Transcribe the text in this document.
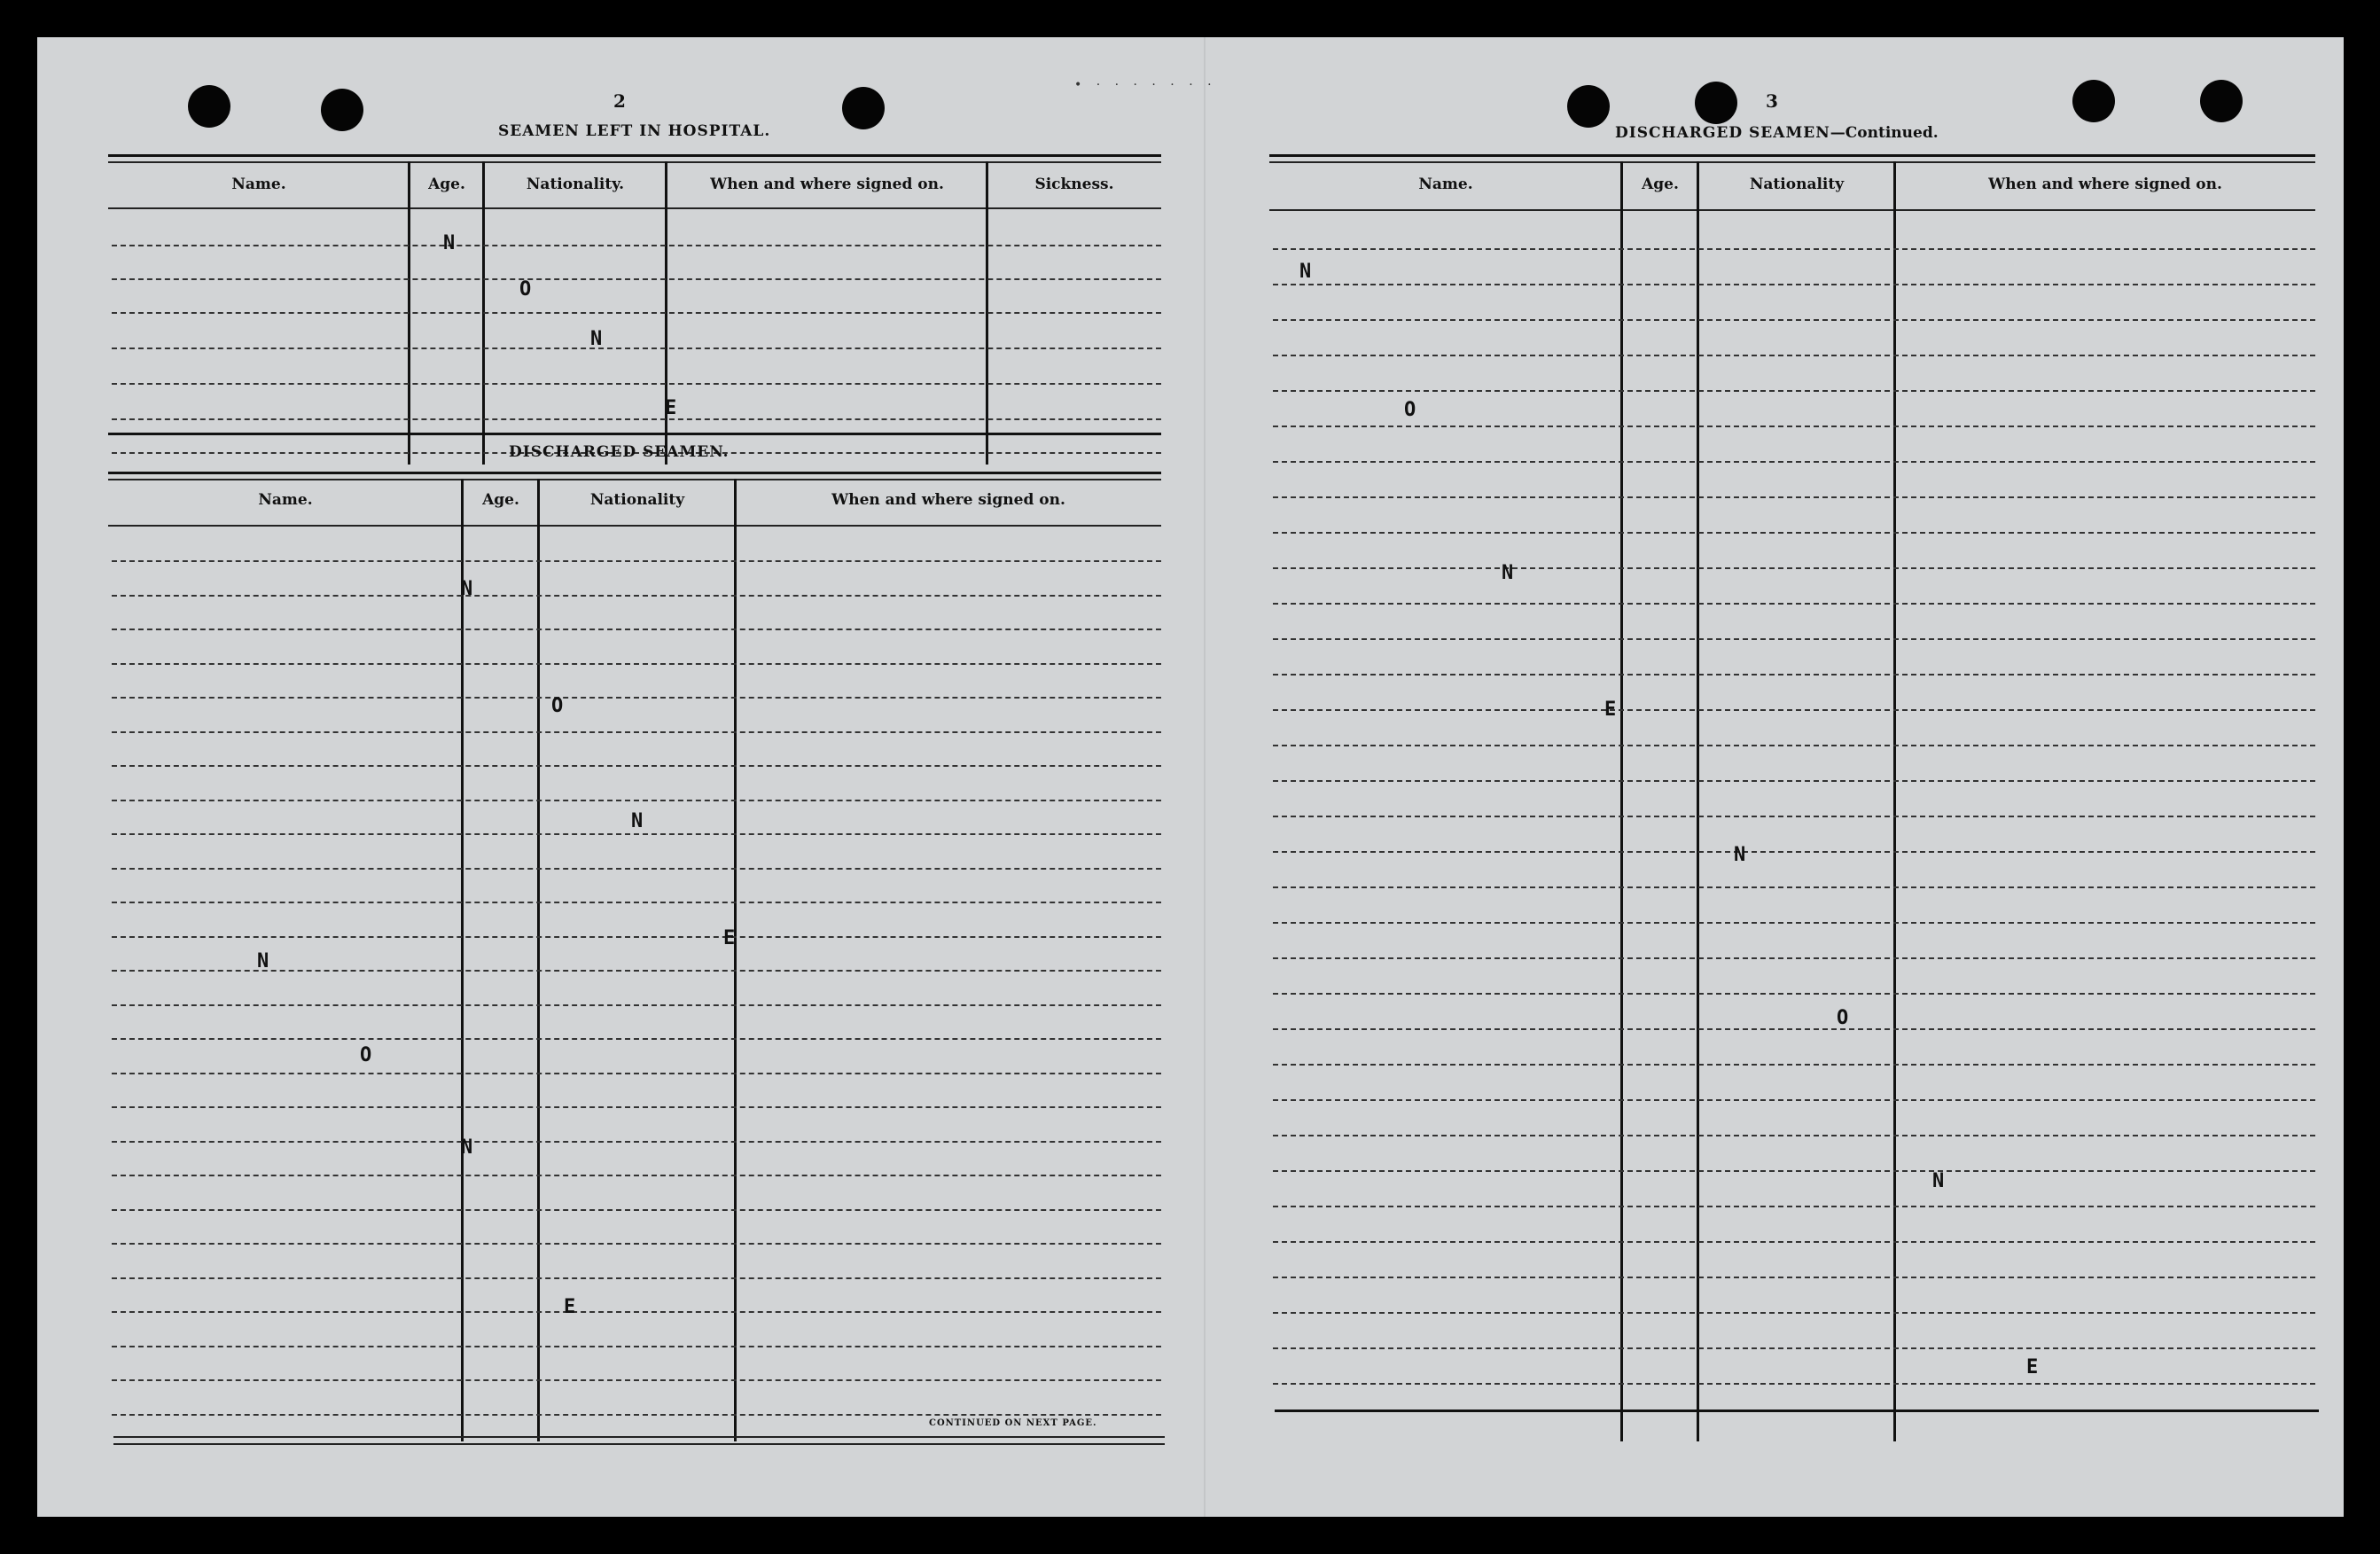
• · · · · · · ·
2
SEAMEN LEFT IN HOSPITAL.
Name.	Age.	Nationality.	When and where signed on.	Sickness.
N
O
N
E
DISCHARGED SEAMEN.
Name.	Age.	Nationality	When and where signed on.
N
O
N
E
N
O
N
E
CONTINUED ON NEXT PAGE.
3
DISCHARGED SEAMEN—Continued.
Name.	Age.	Nationality	When and where signed on.
N
O
N
E
N
O
N
E
